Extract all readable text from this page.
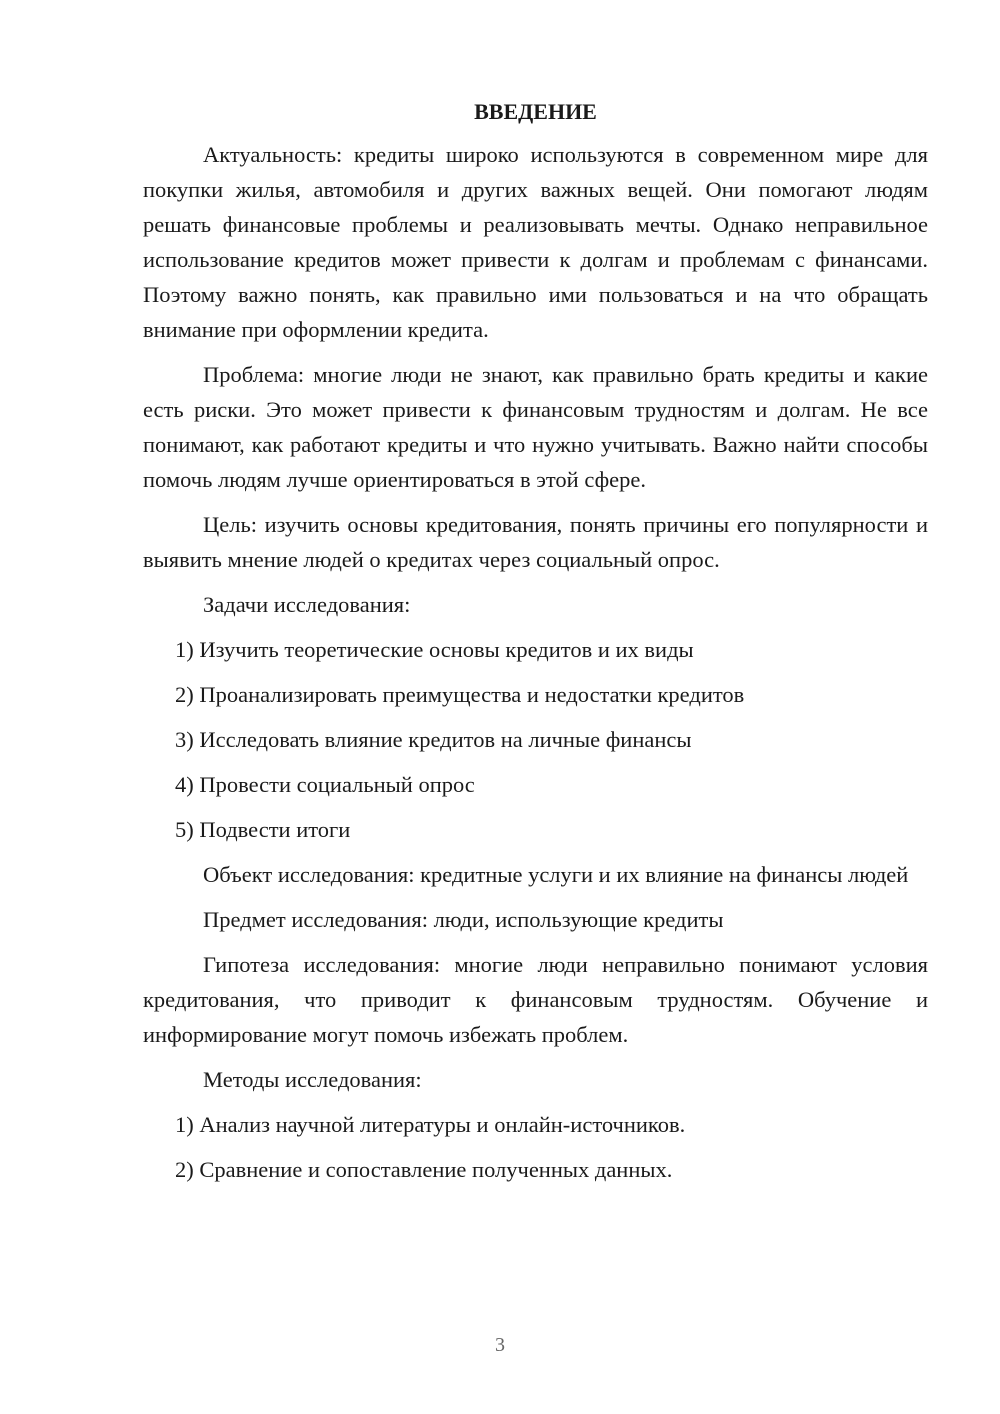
ВВЕДЕНИЕ

Актуальность: кредиты широко используются в современном мире для покупки жилья, автомобиля и других важных вещей. Они помогают людям решать финансовые проблемы и реализовывать мечты. Однако неправильное использование кредитов может привести к долгам и проблемам с финансами. Поэтому важно понять, как правильно ими пользоваться и на что обращать внимание при оформлении кредита.

Проблема: многие люди не знают, как правильно брать кредиты и какие есть риски. Это может привести к финансовым трудностям и долгам. Не все понимают, как работают кредиты и что нужно учитывать. Важно найти способы помочь людям лучше ориентироваться в этой сфере.

Цель: изучить основы кредитования, понять причины его популярности и выявить мнение людей о кредитах через социальный опрос.

Задачи исследования:

1) Изучить теоретические основы кредитов и их виды

2) Проанализировать преимущества и недостатки кредитов

3) Исследовать влияние кредитов на личные финансы

4) Провести социальный опрос

5) Подвести итоги

Объект исследования: кредитные услуги и их влияние на финансы людей

Предмет исследования: люди, использующие кредиты

Гипотеза исследования: многие люди неправильно понимают условия кредитования, что приводит к финансовым трудностям. Обучение и информирование могут помочь избежать проблем.

Методы исследования:

1) Анализ научной литературы и онлайн-источников.

2) Сравнение и сопоставление полученных данных.

3
